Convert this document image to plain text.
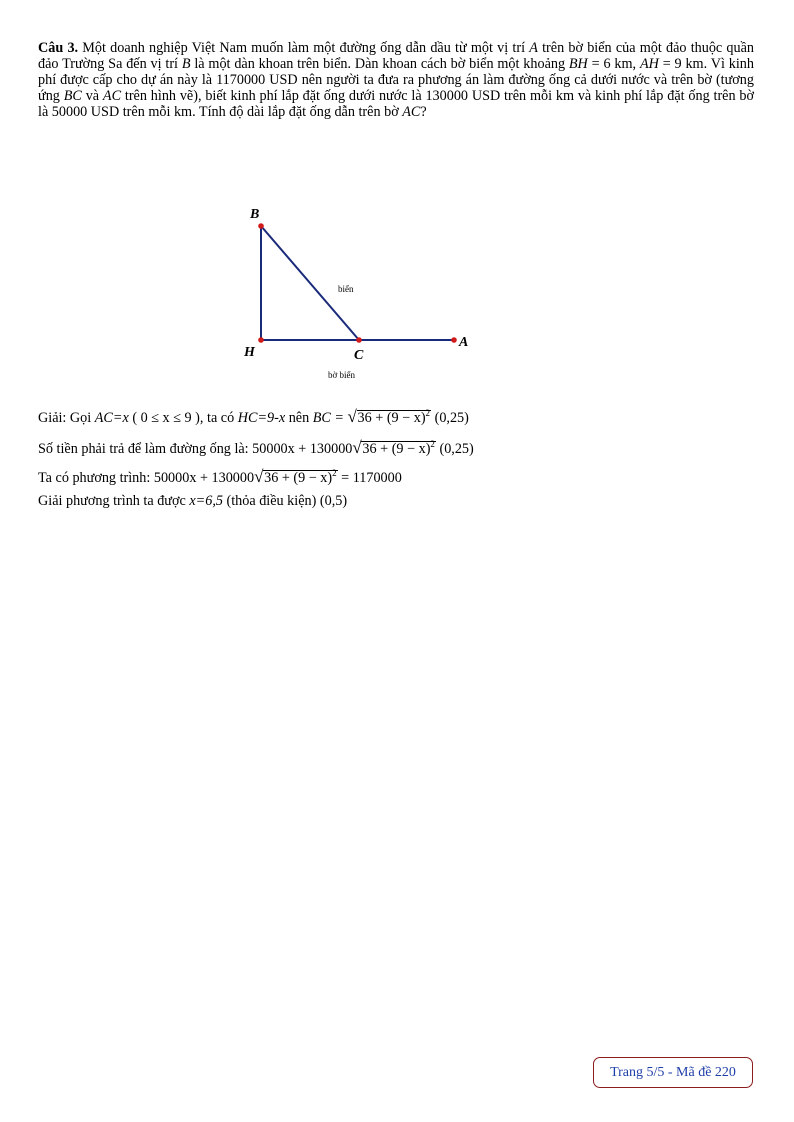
Câu 3. Một doanh nghiệp Việt Nam muốn làm một đường ống dẫn dầu từ một vị trí A trên bờ biển của một đảo thuộc quần đảo Trường Sa đến vị trí B là một dàn khoan trên biển. Dàn khoan cách bờ biển một khoảng BH = 6 km, AH = 9 km. Vì kinh phí được cấp cho dự án này là 1170000 USD nên người ta đưa ra phương án làm đường ống cả dưới nước và trên bờ (tương ứng BC và AC trên hình vẽ), biết kinh phí lắp đặt ống dưới nước là 130000 USD trên mỗi km và kinh phí lắp đặt ống trên bờ là 50000 USD trên mỗi km. Tính độ dài lắp đặt ống dẫn trên bờ AC?
B
H	C
A
biển
bờ biển
Giải: Gọi AC=x ( 0 ≤ x ≤ 9 ), ta có HC=9-x nên BC = √ $36 + (9 - x)^2$ (0,25)
Số tiền phải trả để làm đường ống là: 50000x + 130000 √ $36 + (9 - x)^2$ (0,25)
Ta có phương trình: 50000x + 130000 √ $36 + (9 - x)^2 = 1170000$
Giải phương trình ta được x=6,5 (thỏa điều kiện) (0,5)
Trang 5/5 - Mã đề 220
